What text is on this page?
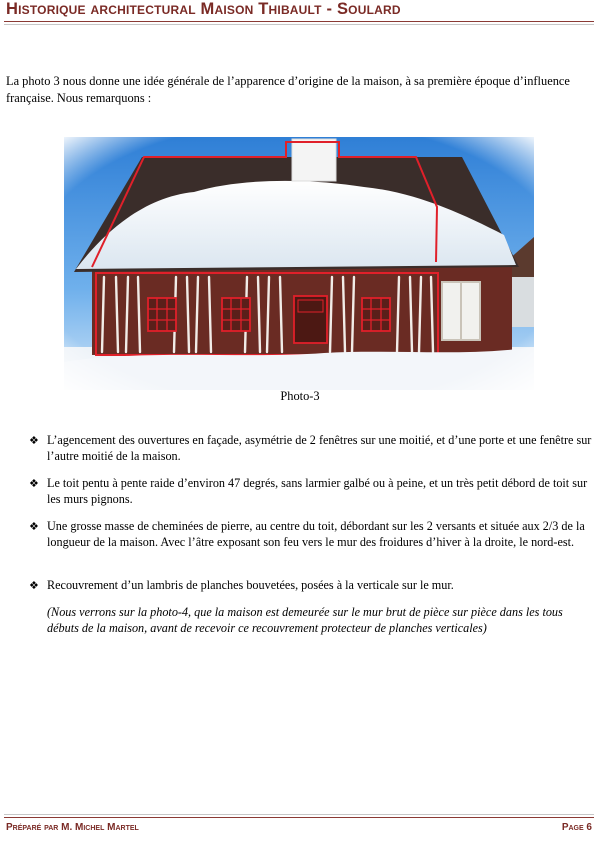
Historique architectural Maison Thibault - Soulard
La photo 3 nous donne une idée générale de l’apparence d’origine de la maison, à sa première époque d’influence française. Nous remarquons :
Photo-3
❖ L’agencement des ouvertures en façade, asymétrie de 2 fenêtres sur une moitié, et d’une porte et une fenêtre sur l’autre moitié de la maison.
❖ Le toit pentu à pente raide d’environ 47 degrés, sans larmier galbé ou à peine, et un très petit débord de toit sur les murs pignons.
❖ Une grosse masse de cheminées de pierre, au centre du toit, débordant sur les 2 versants et située aux 2/3 de la longueur de la maison. Avec l’âtre exposant son feu vers le mur des froidures d’hiver à la droite, le nord-est.
❖ Recouvrement d’un lambris de planches bouvetées, posées à la verticale sur le mur.
(Nous verrons sur la photo-4, que la maison est demeurée sur le mur brut de pièce sur pièce dans les tous débuts de la maison, avant de recevoir ce recouvrement protecteur de planches verticales)
Préparé par M. Michel Martel	Page 6
